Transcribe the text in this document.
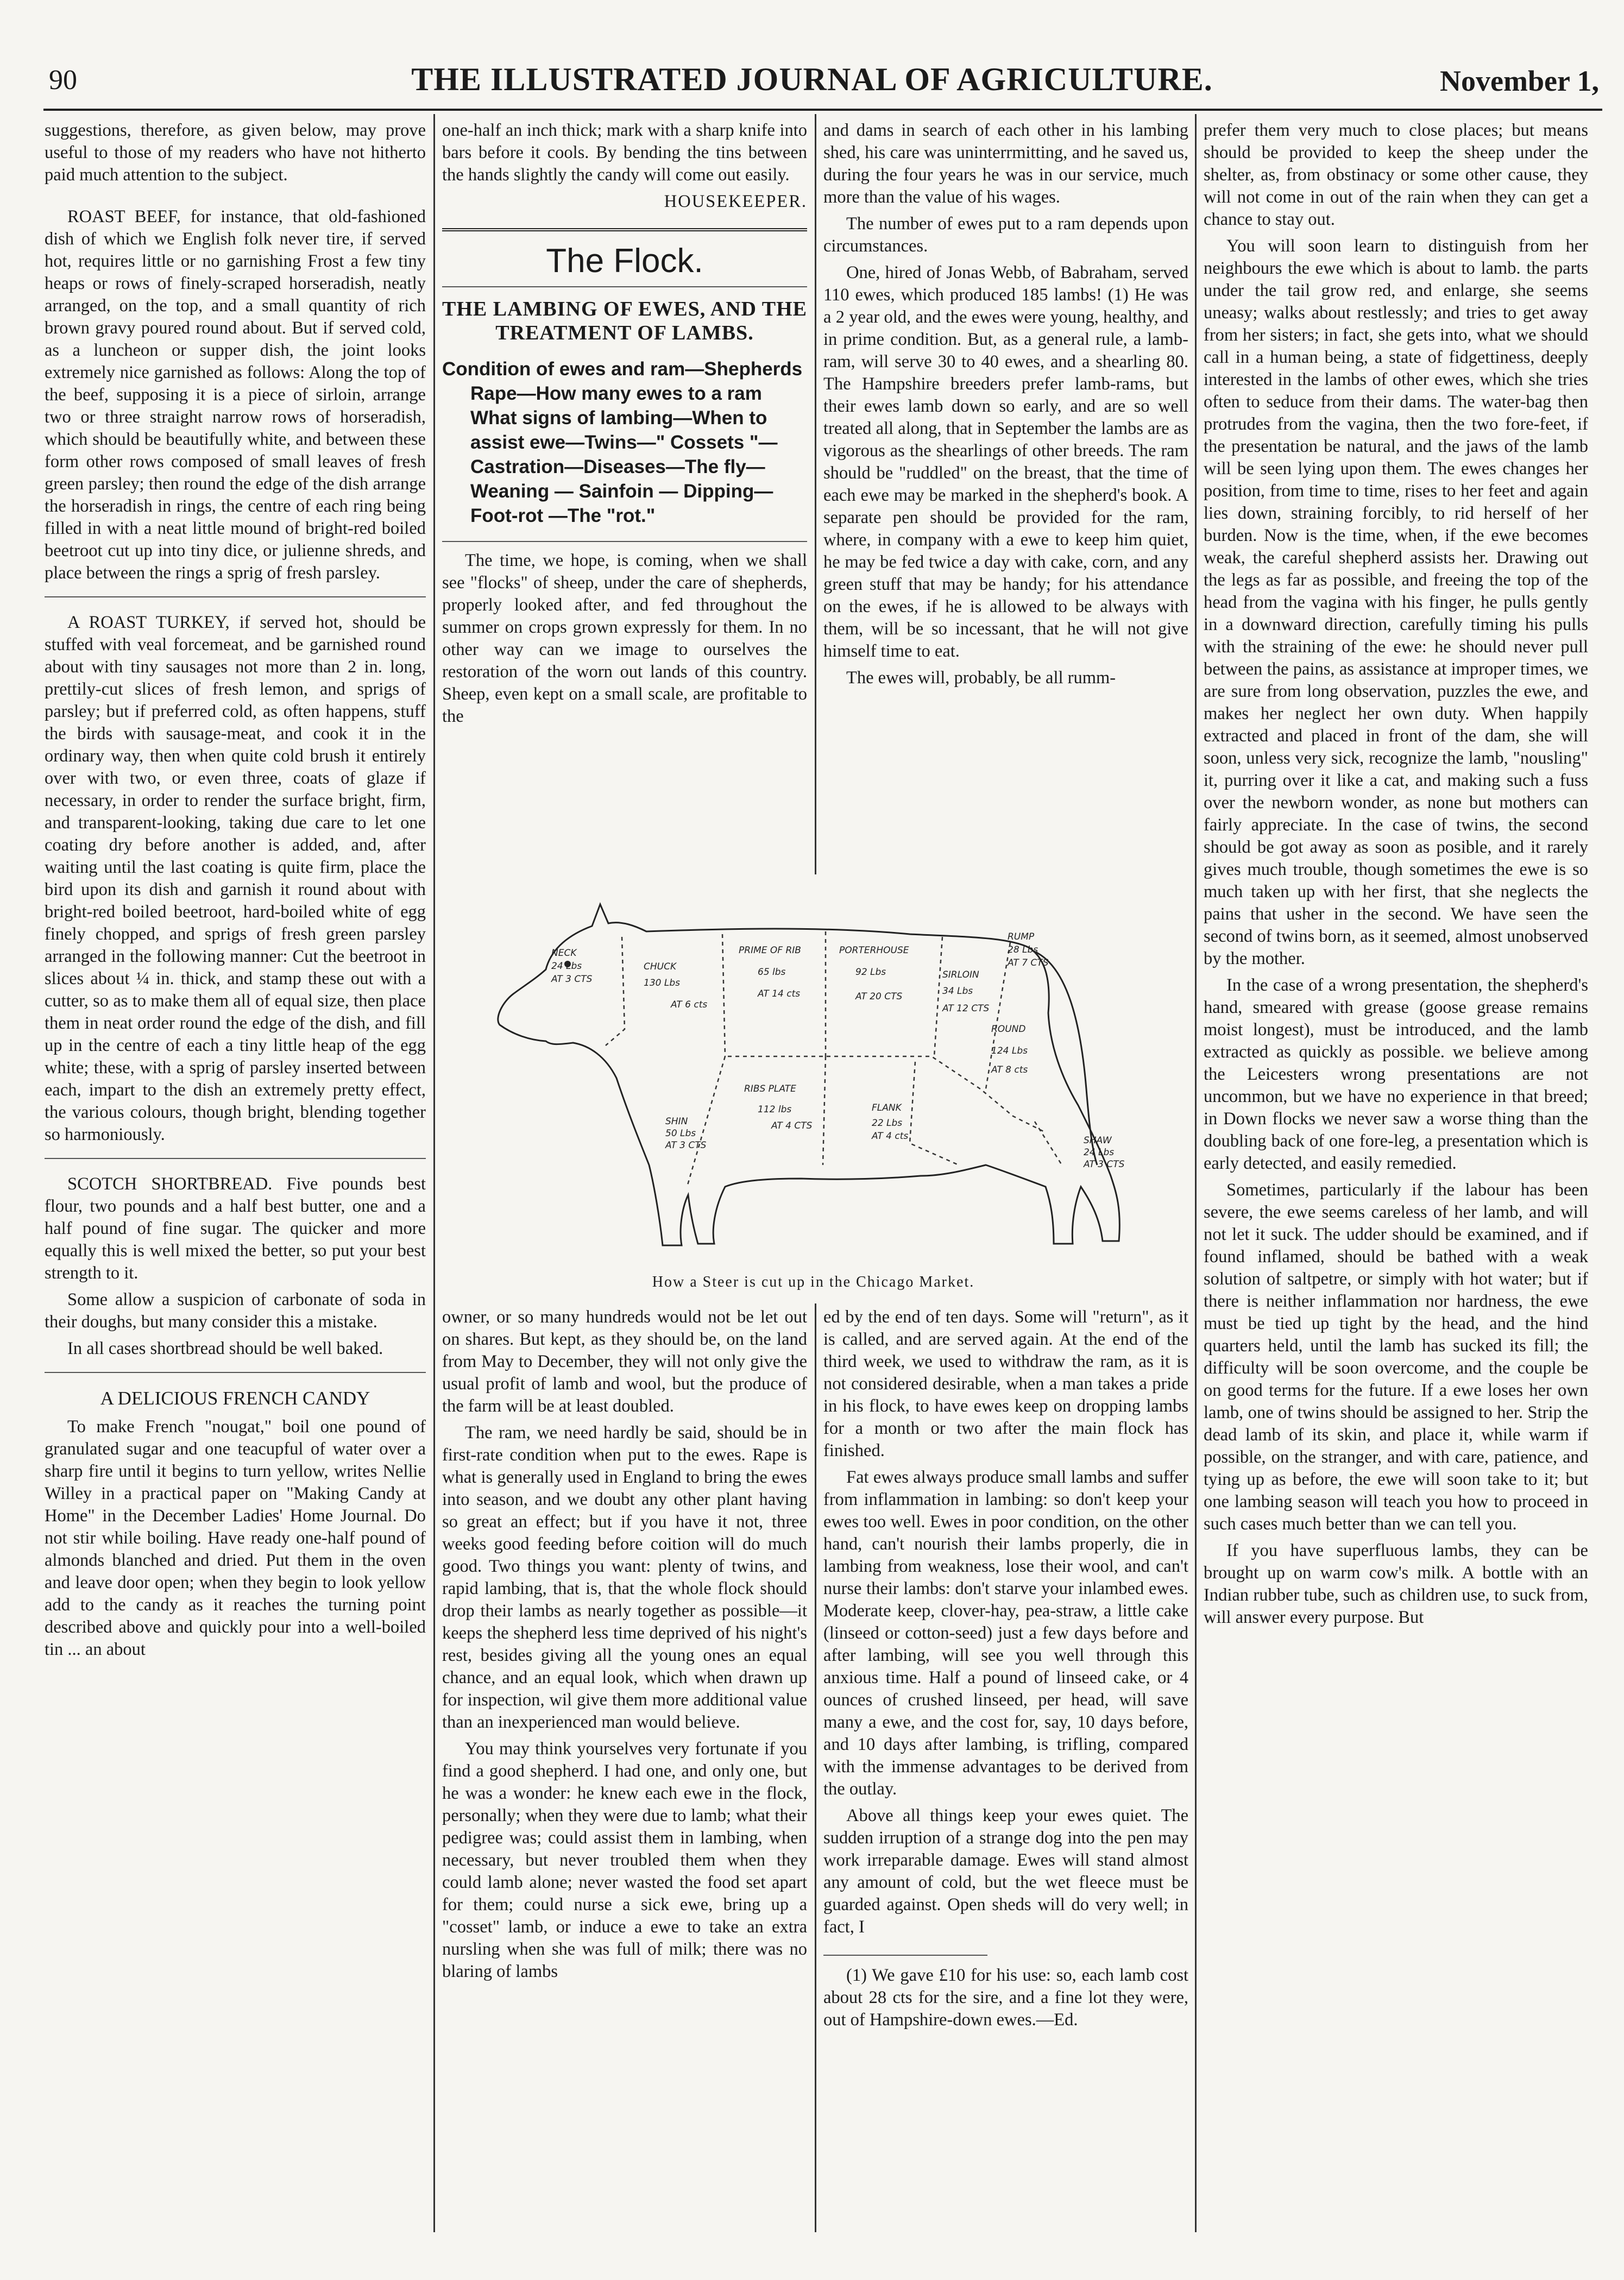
90	THE ILLUSTRATED JOURNAL OF AGRICULTURE.	November 1,

suggestions, therefore, as given below, may prove useful to those of my readers who have not hitherto paid much attention to the subject.

ROAST BEEF, for instance, that old-fashioned dish of which we English folk never tire, if served hot, requires little or no garnishing Frost a few tiny heaps or rows of finely-scraped horseradish, neatly arranged, on the top, and a small quantity of rich brown gravy poured round about. But if served cold, as a luncheon or supper dish, the joint looks extremely nice garnished as follows: Along the top of the beef, supposing it is a piece of sirloin, arrange two or three straight narrow rows of horseradish, which should be beautifully white, and between these form other rows composed of small leaves of fresh green parsley; then round the edge of the dish arrange the horseradish in rings, the centre of each ring being filled in with a neat little mound of bright-red boiled beetroot cut up into tiny dice, or julienne shreds, and place between the rings a sprig of fresh parsley.

A ROAST TURKEY, if served hot, should be stuffed with veal forcemeat, and be garnished round about with tiny sausages not more than 2 in. long, prettily-cut slices of fresh lemon, and sprigs of parsley; but if preferred cold, as often happens, stuff the birds with sausage-meat, and cook it in the ordinary way, then when quite cold brush it entirely over with two, or even three, coats of glaze if necessary, in order to render the surface bright, firm, and transparent-looking, taking due care to let one coating dry before another is added, and, after waiting until the last coating is quite firm, place the bird upon its dish and garnish it round about with bright-red boiled beetroot, hard-boiled white of egg finely chopped, and sprigs of fresh green parsley arranged in the following manner: Cut the beetroot in slices about ¼ in. thick, and stamp these out with a cutter, so as to make them all of equal size, then place them in neat order round the edge of the dish, and fill up in the centre of each a tiny little heap of the egg white; these, with a sprig of parsley inserted between each, impart to the dish an extremely pretty effect, the various colours, though bright, blending together so harmoniously.

SCOTCH SHORTBREAD. Five pounds best flour, two pounds and a half best butter, one and a half pound of fine sugar. The quicker and more equally this is well mixed the better, so put your best strength to it.

Some allow a suspicion of carbonate of soda in their doughs, but many consider this a mistake.

In all cases shortbread should be well baked.

A DELICIOUS FRENCH CANDY

To make French "nougat," boil one pound of granulated sugar and one teacupful of water over a sharp fire until it begins to turn yellow, writes Nellie Willey in a practical paper on "Making Candy at Home" in the December Ladies' Home Journal. Do not stir while boiling. Have ready one-half pound of almonds blanched and dried. Put them in the oven and leave door open; when they begin to look yellow add to the candy as it reaches the turning point described above and quickly pour into a well-boiled tin ... an about

one-half an inch thick; mark with a sharp knife into bars before it cools. By bending the tins between the hands slightly the candy will come out easily.

HOUSEKEEPER.

The Flock.
THE LAMBING OF EWES, AND THE TREATMENT OF LAMBS.
Condition of ewes and ram—Shepherds Rape—How many ewes to a ram What signs of lambing—When to assist ewe—Twins—" Cossets "—Castration—Diseases—The fly—Weaning — Sainfoin — Dipping—Foot-rot —The "rot."

The time, we hope, is coming, when we shall see "flocks" of sheep, under the care of shepherds, properly looked after, and fed throughout the summer on crops grown expressly for them. In no other way can we image to ourselves the restoration of the worn out lands of this country. Sheep, even kept on a small scale, are profitable to the

and dams in search of each other in his lambing shed, his care was uninterrmitting, and he saved us, during the four years he was in our service, much more than the value of his wages.

The number of ewes put to a ram depends upon circumstances.

One, hired of Jonas Webb, of Babraham, served 110 ewes, which produced 185 lambs! (1) He was a 2 year old, and the ewes were young, healthy, and in prime condition. But, as a general rule, a lamb-ram, will serve 30 to 40 ewes, and a shearling 80. The Hampshire breeders prefer lamb-rams, but their ewes lamb down so early, and are so well treated all along, that in September the lambs are as vigorous as the shearlings of other breeds. The ram should be "ruddled" on the breast, that the time of each ewe may be marked in the shepherd's book. A separate pen should be provided for the ram, where, in company with a ewe to keep him quiet, he may be fed twice a day with cake, corn, and any green stuff that may be handy; for his attendance on the ewes, if he is allowed to be always with them, will be so incessant, that he will not give himself time to eat.

The ewes will, probably, be all rumm-

NECK
24 Lbs
AT 3 CTS
CHUCK
130 Lbs
AT 6 cts
PRIME OF RIB
65 lbs
AT 14 cts
PORTERHOUSE
92 Lbs
AT 20 CTS
SIRLOIN
34 Lbs
AT 12 CTS
RUMP
28 Lbs
AT 7 CTS
ROUND
124 Lbs
AT 8 cts
RIBS PLATE
112 lbs
AT 4 CTS
FLANK
22 Lbs
AT 4 cts
SHIN
50 Lbs
AT 3 CTS	SHAW
24 Lbs
AT 3 CTS
How a Steer is cut up in the Chicago Market.

owner, or so many hundreds would not be let out on shares. But kept, as they should be, on the land from May to December, they will not only give the usual profit of lamb and wool, but the produce of the farm will be at least doubled.

The ram, we need hardly be said, should be in first-rate condition when put to the ewes. Rape is what is generally used in England to bring the ewes into season, and we doubt any other plant having so great an effect; but if you have it not, three weeks good feeding before coition will do much good. Two things you want: plenty of twins, and rapid lambing, that is, that the whole flock should drop their lambs as nearly together as possible—it keeps the shepherd less time deprived of his night's rest, besides giving all the young ones an equal chance, and an equal look, which when drawn up for inspection, wil give them more additional value than an inexperienced man would believe.

You may think yourselves very fortunate if you find a good shepherd. I had one, and only one, but he was a wonder: he knew each ewe in the flock, personally; when they were due to lamb; what their pedigree was; could assist them in lambing, when necessary, but never troubled them when they could lamb alone; never wasted the food set apart for them; could nurse a sick ewe, bring up a "cosset" lamb, or induce a ewe to take an extra nursling when she was full of milk; there was no blaring of lambs

ed by the end of ten days. Some will "return", as it is called, and are served again. At the end of the third week, we used to withdraw the ram, as it is not considered desirable, when a man takes a pride in his flock, to have ewes keep on dropping lambs for a month or two after the main flock has finished.

Fat ewes always produce small lambs and suffer from inflammation in lambing: so don't keep your ewes too well. Ewes in poor condition, on the other hand, can't nourish their lambs properly, die in lambing from weakness, lose their wool, and can't nurse their lambs: don't starve your inlambed ewes. Moderate keep, clover-hay, pea-straw, a little cake (linseed or cotton-seed) just a few days before and after lambing, will see you well through this anxious time. Half a pound of linseed cake, or 4 ounces of crushed linseed, per head, will save many a ewe, and the cost for, say, 10 days before, and 10 days after lambing, is trifling, compared with the immense advantages to be derived from the outlay.

Above all things keep your ewes quiet. The sudden irruption of a strange dog into the pen may work irreparable damage. Ewes will stand almost any amount of cold, but the wet fleece must be guarded against. Open sheds will do very well; in fact, I

(1) We gave £10 for his use: so, each lamb cost about 28 cts for the sire, and a fine lot they were, out of Hampshire-down ewes.—Ed.

prefer them very much to close places; but means should be provided to keep the sheep under the shelter, as, from obstinacy or some other cause, they will not come in out of the rain when they can get a chance to stay out.

You will soon learn to distinguish from her neighbours the ewe which is about to lamb. the parts under the tail grow red, and enlarge, she seems uneasy; walks about restlessly; and tries to get away from her sisters; in fact, she gets into, what we should call in a human being, a state of fidgettiness, deeply interested in the lambs of other ewes, which she tries often to seduce from their dams. The water-bag then protrudes from the vagina, then the two fore-feet, if the presentation be natural, and the jaws of the lamb will be seen lying upon them. The ewes changes her position, from time to time, rises to her feet and again lies down, straining forcibly, to rid herself of her burden. Now is the time, when, if the ewe becomes weak, the careful shepherd assists her. Drawing out the legs as far as possible, and freeing the top of the head from the vagina with his finger, he pulls gently in a downward direction, carefully timing his pulls with the straining of the ewe: he should never pull between the pains, as assistance at improper times, we are sure from long observation, puzzles the ewe, and makes her neglect her own duty. When happily extracted and placed in front of the dam, she will soon, unless very sick, recognize the lamb, "nousling" it, purring over it like a cat, and making such a fuss over the newborn wonder, as none but mothers can fairly appreciate. In the case of twins, the second should be got away as soon as posible, and it rarely gives much trouble, though sometimes the ewe is so much taken up with her first, that she neglects the pains that usher in the second. We have seen the second of twins born, as it seemed, almost unobserved by the mother.

In the case of a wrong presentation, the shepherd's hand, smeared with grease (goose grease remains moist longest), must be introduced, and the lamb extracted as quickly as possible. we believe among the Leicesters wrong presentations are not uncommon, but we have no experience in that breed; in Down flocks we never saw a worse thing than the doubling back of one fore-leg, a presentation which is early detected, and easily remedied.

Sometimes, particularly if the labour has been severe, the ewe seems careless of her lamb, and will not let it suck. The udder should be examined, and if found inflamed, should be bathed with a weak solution of saltpetre, or simply with hot water; but if there is neither inflammation nor hardness, the ewe must be tied up tight by the head, and the hind quarters held, until the lamb has sucked its fill; the difficulty will be soon overcome, and the couple be on good terms for the future. If a ewe loses her own lamb, one of twins should be assigned to her. Strip the dead lamb of its skin, and place it, while warm if possible, on the stranger, and with care, patience, and tying up as before, the ewe will soon take to it; but one lambing season will teach you how to proceed in such cases much better than we can tell you.

If you have superfluous lambs, they can be brought up on warm cow's milk. A bottle with an Indian rubber tube, such as children use, to suck from, will answer every purpose. But
